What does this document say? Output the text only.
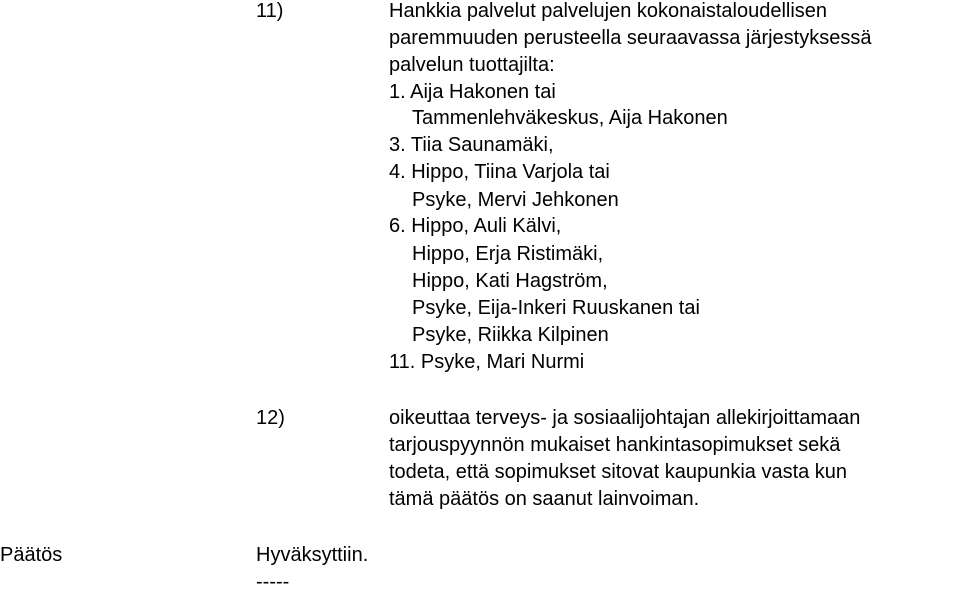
11)	Hankkia palvelut palvelujen kokonaistaloudellisen
paremmuuden perusteella seuraavassa järjestyksessä
palvelun tuottajilta:
1. Aija Hakonen tai
Tammenlehväkeskus, Aija Hakonen
3. Tiia Saunamäki,
4. Hippo, Tiina Varjola tai
Psyke, Mervi Jehkonen
6. Hippo, Auli Kälvi,
Hippo, Erja Ristimäki,
Hippo, Kati Hagström,
Psyke, Eija-Inkeri Ruuskanen tai
Psyke, Riikka Kilpinen
11. Psyke, Mari Nurmi
12)	oikeuttaa terveys- ja sosiaalijohtajan allekirjoittamaan
tarjouspyynnön mukaiset hankintasopimukset sekä
todeta, että sopimukset sitovat kaupunkia vasta kun
tämä päätös on saanut lainvoiman.
Päätös	Hyväksyttiin.
-----
